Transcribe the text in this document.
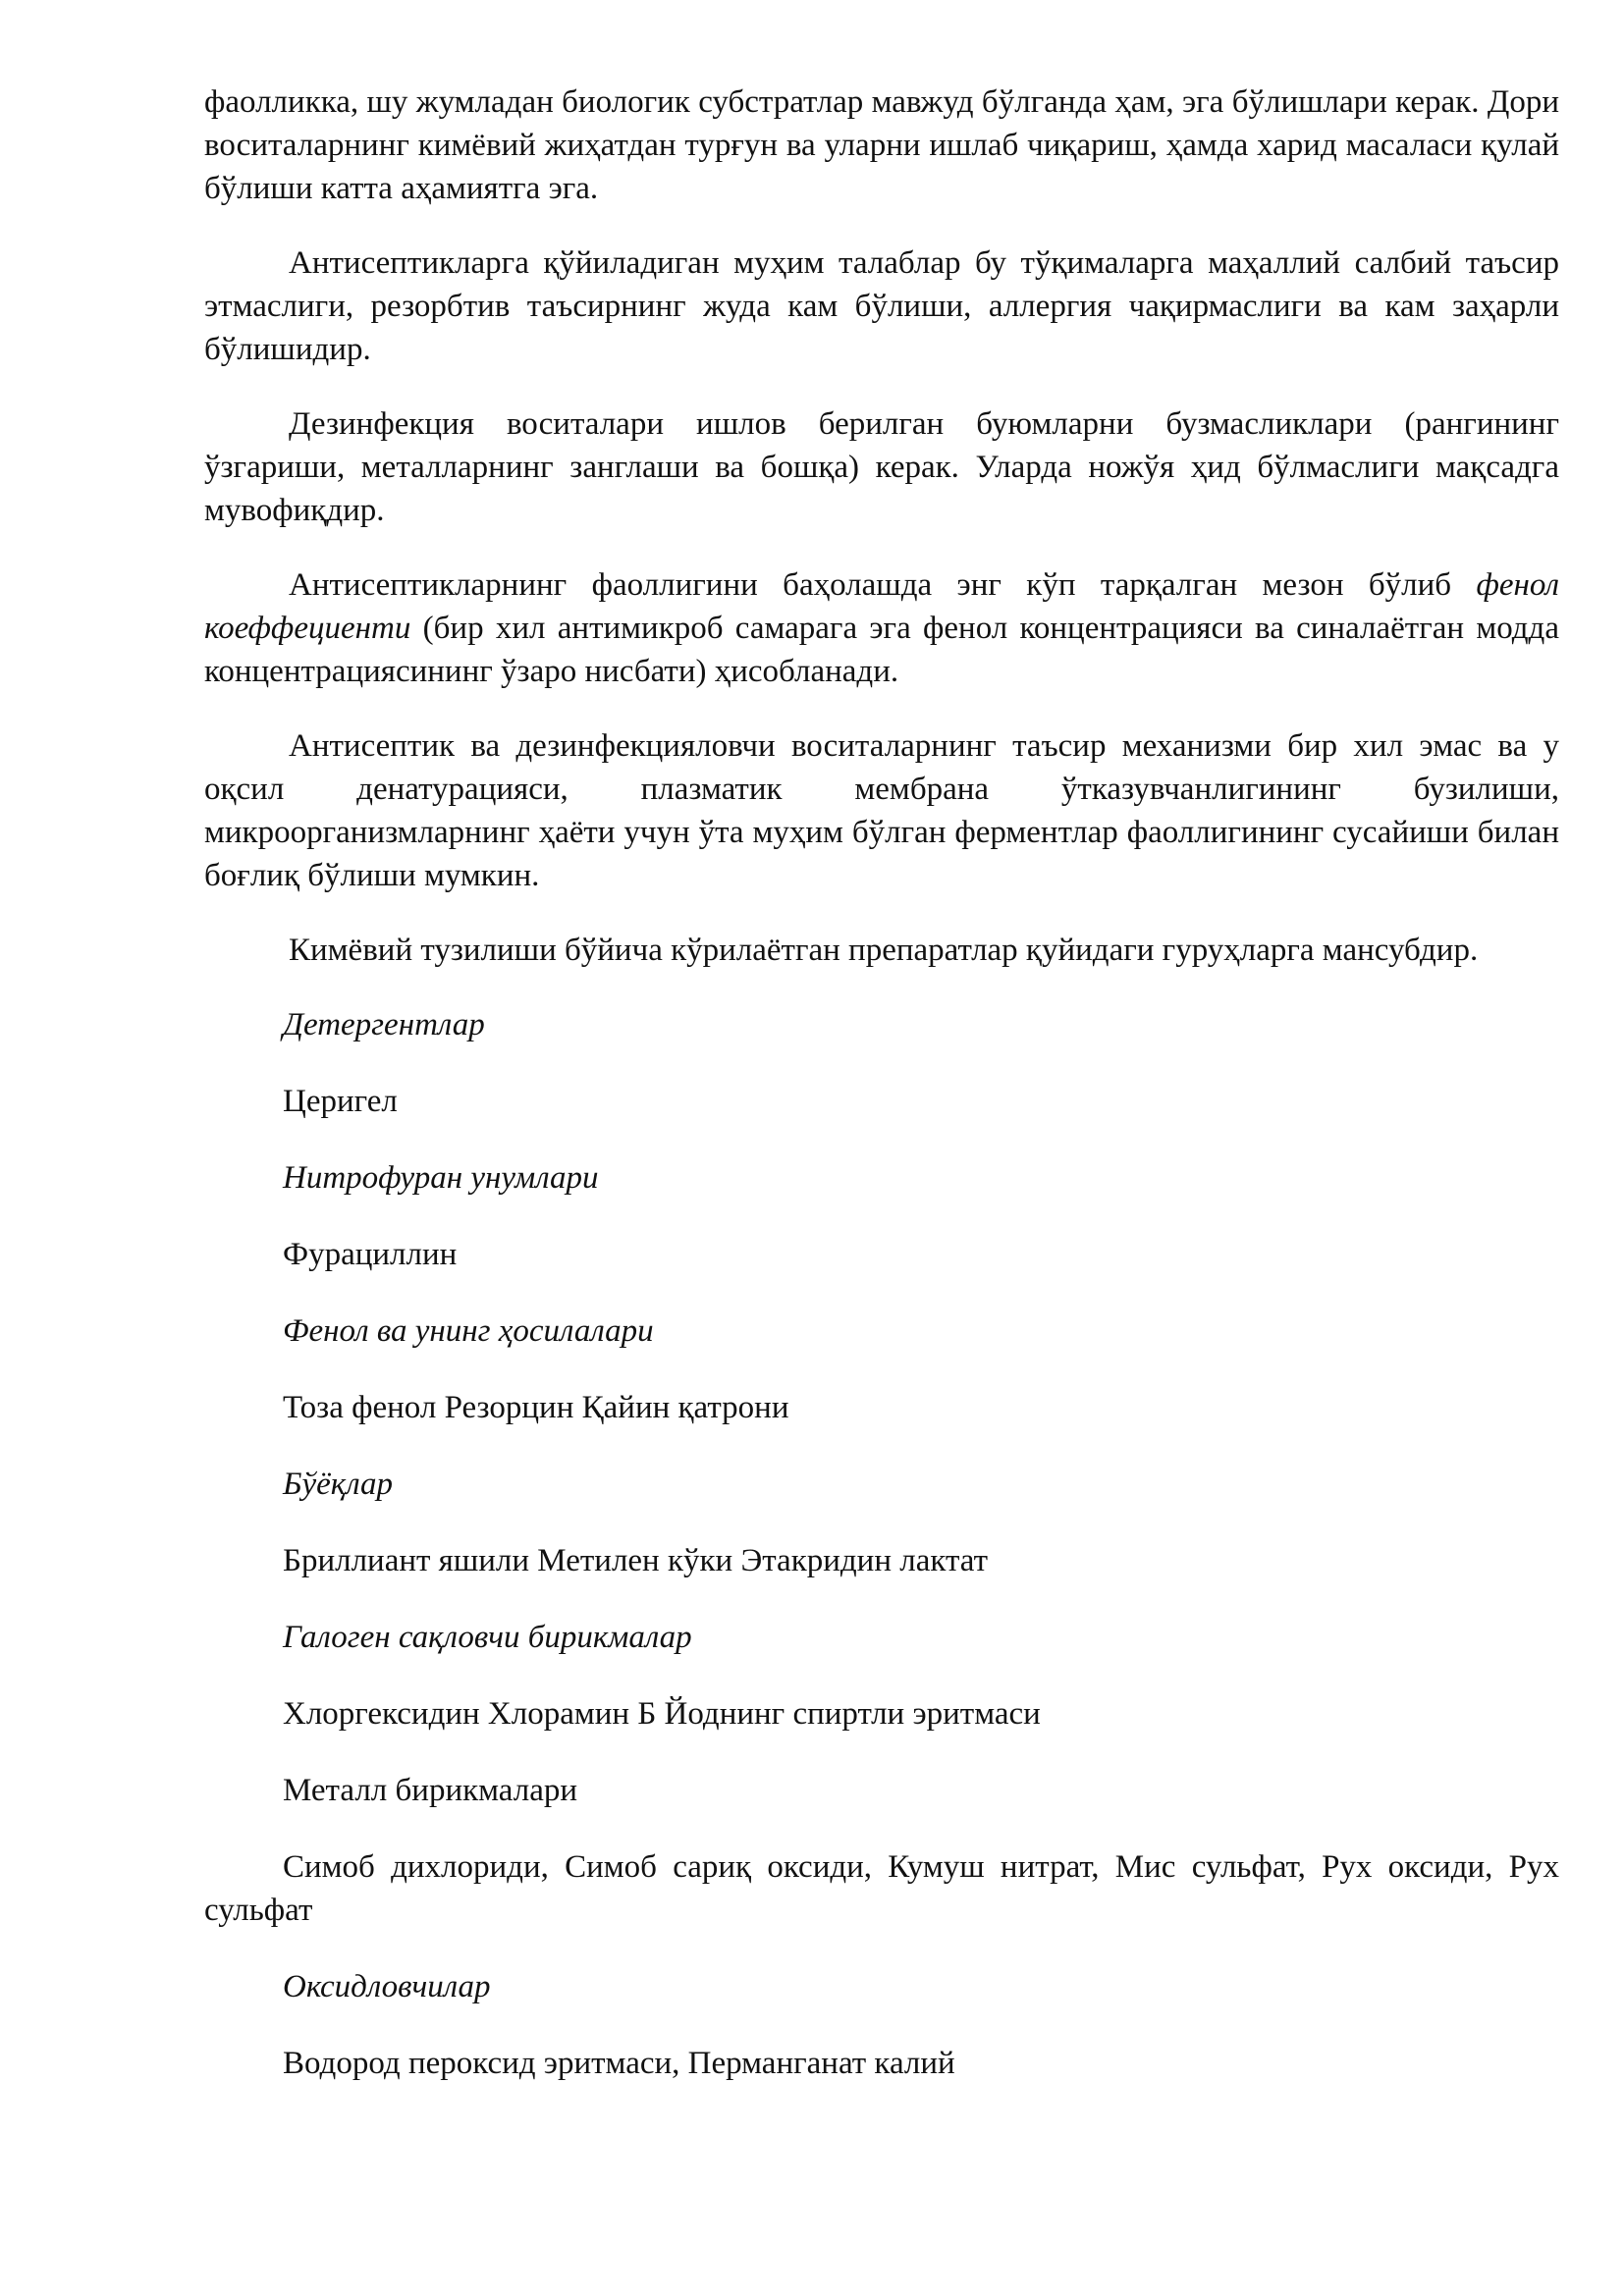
фаолликка, шу жумладан биологик субстратлар мавжуд бўлганда ҳам, эга бўлишлари керак. Дори воситаларнинг кимёвий жиҳатдан турғун ва уларни ишлаб чиқариш, ҳамда харид масаласи қулай бўлиши катта аҳамиятга эга.

Антисептикларга қўйиладиган муҳим талаблар бу тўқималарга маҳаллий салбий таъсир этмаслиги, резорбтив таъсирнинг жуда кам бўлиши, аллергия чақирмаслиги ва кам заҳарли бўлишидир.

Дезинфекция воситалари ишлов берилган буюмларни бузмасликлари (рангининг ўзгариши, металларнинг занглаши ва бошқа) керак. Уларда ножўя ҳид бўлмаслиги мақсадга мувофиқдир.

Антисептикларнинг фаоллигини баҳолашда энг кўп тарқалган мезон бўлиб фенол коеффециенти (бир хил антимикроб самарага эга фенол концентрацияси ва синалаётган модда концентрациясининг ўзаро нисбати) ҳисобланади.

Антисептик ва дезинфекцияловчи воситаларнинг таъсир механизми бир хил эмас ва у оқсил денатурацияси, плазматик мембрана ўтказувчанлигининг бузилиши, микроорганизмларнинг ҳаёти учун ўта муҳим бўлган ферментлар фаоллигининг сусайиши билан боғлиқ бўлиши мумкин.

Кимёвий тузилиши бўйича кўрилаётган препаратлар қуйидаги гуруҳларга мансубдир.

Детергентлар
Церигел
Нитрофуран унумлари
Фурациллин
Фенол ва унинг ҳосилалари
Тоза фенол Резорцин Қайин қатрони
Бўёқлар
Бриллиант яшили Метилен кўки Этакридин лактат
Галоген сақловчи бирикмалар
Хлоргексидин Хлорамин Б Йоднинг спиртли эритмаси
Металл бирикмалари
Симоб дихлориди, Симоб сариқ оксиди, Кумуш нитрат, Мис сульфат, Рух оксиди, Рух сульфат
Оксидловчилар
Водород пероксид эритмаси, Перманганат калий
